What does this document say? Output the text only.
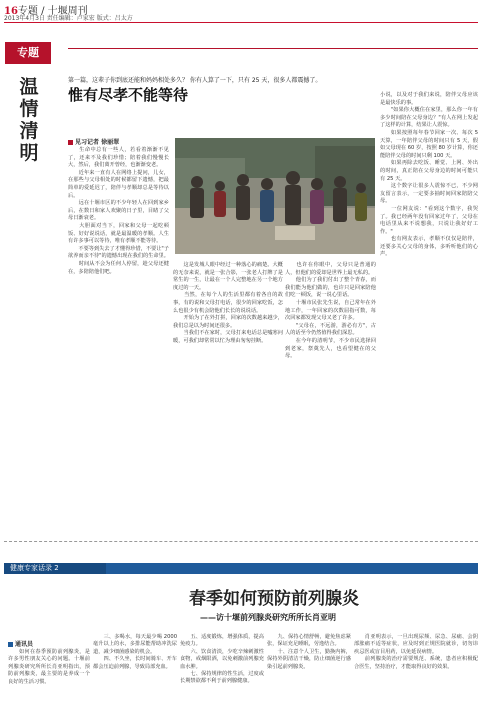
16专题 / 十堰周刊
2013年4月3日 责任编辑：卢家宏 版式：吕太方
专题
温情清明
第一篇，这辈子你到底还能和妈妈相处多久？ 你有人算了一下，只有 25 天，很多人都震撼了。
惟有尽孝不能等待
见习记者 徐丽翠
　　生命中总有一些人，若看着渐渐不见了，还来不及我们珍惜；陪着我们慢慢长大，然后，我们离开曾经，也渐渐变老。
　　近年来一直有人在网络上提问，儿女，在那些与父母相处的时候都留下遗憾，把最简单的爱延迟了，陪伴与孝顺却总是等待以后。
　　远在十堰市区的不少年轻人在回到家乡后，在数日和家人欢聚的日子里，目睹了父母日渐衰老。
　　大胆面对当下，回家和父母一起吃顿饭、好好说说话，就是最温暖的孝顺。人生有许多事可以等待，唯有孝顺不能等待。
　　不要等到失去了才懂得珍惜，不要让"子欲养而亲不待"的遗憾出现在我们的生命里。
　　时间从不会为任何人停留，趁父母还健在，多陪陪他们吧。
　　这是发城人眼中经过一种落心的痛楚。大概的无奈来说，就是一张合影，一张老人打牌了是常生的一生，让最在一个人完整地在另一个地方度过的一天。
　　当然，在每个人的生活里都有着各自的故事，有的说和父母打电话，很少的回家吃饭，怎么也很少有机会陪他们长长的说说话。
　　开始为了在外打拼，回家的次数越来越少，我们总是以为时间还很多。
　　当我们不在家时，父母打来电话总是嘘寒问暖，可我们却常常以忙为理由匆匆挂断。
　　也许在你眼中，父母只是普通的人，但他们的爱却是世界上最无私的。
　　他们为了我们付出了整个青春，而我们能为他们做的，也许只是回家陪他们吃一顿饭，说一说心里话。
　　十堰市民张先生说，自己常年在外地工作，一年回家的次数屈指可数，每次回家都发现父母又老了许多。
　　"父母在，不远游，游必有方"，古人的话至今仍然值得我们深思。
　　在今年的清明节，不少市民选择回到老家，祭奠先人，也看望健在的父母。
小说，以及对于我们来说，陪伴父母应该是最快乐的事。
　　"如果你大概住在家里，那么你一年有多少时间陪在父母身边？"有人在网上发起了这样的计算，结果让人震惊。
　　如果按照每年春节回家一次、每次 5 天算，一年陪伴父母的时间只有 5 天，假如父母现在 60 岁，按照 80 岁计算，你还能陪伴父母的时间只剩 100 天。
　　如果再除去吃饭、睡觉、上网、外出的时间，真正陪在父母身边的时间可能只有 25 天。
　　这个数字让很多人震惊不已，不少网友留言表示，一定要多抽时间回家陪陪父母。
　　一位网友说："看到这个数字，我哭了。我已经两年没有回家过年了，父母在电话里从来不说想我，只说让我好好工作。"
　　也有网友表示，孝顺不仅仅是陪伴，还要多关心父母的身体，多听听他们的心声。
健康专家话录 2
春季如何预防前列腺炎
——访十堰前列腺炎研究所所长肖亚明
通讯员
　　如何在春季预防前列腺炎，是许多男性朋友关心的问题。十堰前列腺炎研究所所长肖亚明指出，预防前列腺炎，最主要的是养成一个良好的生活习惯。
　　三、多喝水，每天最少喝 2000 毫升以上的水，多排尿能帮助冲洗尿道，减少细菌感染的机会。
　　四、不久坐，长时间骑车、开车都会压迫前列腺，导致局部充血。
　　五、适度锻炼，增强体质，提高免疫力。
　　六、饮食清淡，少吃辛辣刺激性食物，戒烟限酒，以免刺激前列腺充血水肿。
　　七、保持规律的性生活，过度或长期禁欲都不利于前列腺健康。
　　九、保持心情舒畅，避免焦虑紧张，保证充足睡眠，劳逸结合。
　　十、注意个人卫生，勤换内裤，保持外阴清洁干燥，防止细菌逆行感染引起前列腺炎。
　　肖亚明表示，一旦出现尿频、尿急、尿痛、会阴部胀痛不适等症状，应及时到正规医院就诊，切勿讳疾忌医或盲目用药，以免延误病情。
　　前列腺炎的治疗需要规范、系统，患者应积极配合医生，坚持治疗，才能取得良好的效果。
